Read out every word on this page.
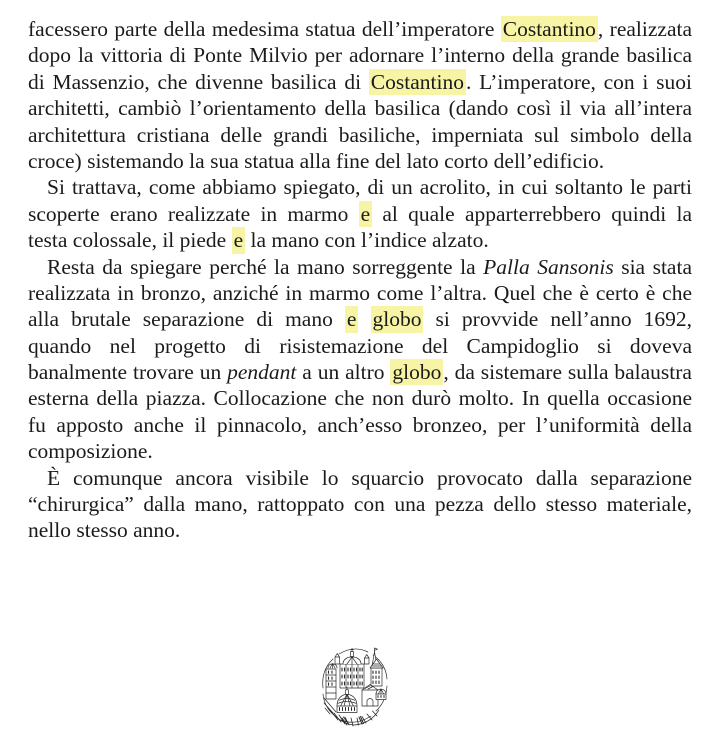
facessero parte della medesima statua dell’imperatore Costantino, realizzata
dopo la vittoria di Ponte Milvio per adornare l’interno della grande basilica
di Massenzio, che divenne basilica di Costantino. L’imperatore, con i suoi
architetti, cambiò l’orientamento della basilica (dando così il via all’intera
architettura cristiana delle grandi basiliche, imperniata sul simbolo della
croce) sistemando la sua statua alla fine del lato corto dell’edificio.
Si trattava, come abbiamo spiegato, di un acrolito, in cui soltanto le parti
scoperte erano realizzate in marmo e al quale apparterrebbero quindi la
testa colossale, il piede e la mano con l’indice alzato.
Resta da spiegare perché la mano sorreggente la Palla Sansonis sia stata
realizzata in bronzo, anziché in marmo come l’altra. Quel che è certo è che
alla brutale separazione di mano e globo si provvide nell’anno 1692,
quando nel progetto di risistemazione del Campidoglio si doveva
banalmente trovare un pendant a un altro globo, da sistemare sulla balaustra
esterna della piazza. Collocazione che non durò molto. In quella occasione
fu apposto anche il pinnacolo, anch’esso bronzeo, per l’uniformità della
composizione.
È comunque ancora visibile lo squarcio provocato dalla separazione
“chirurgica” dalla mano, rattoppato con una pezza dello stesso materiale,
nello stesso anno.
